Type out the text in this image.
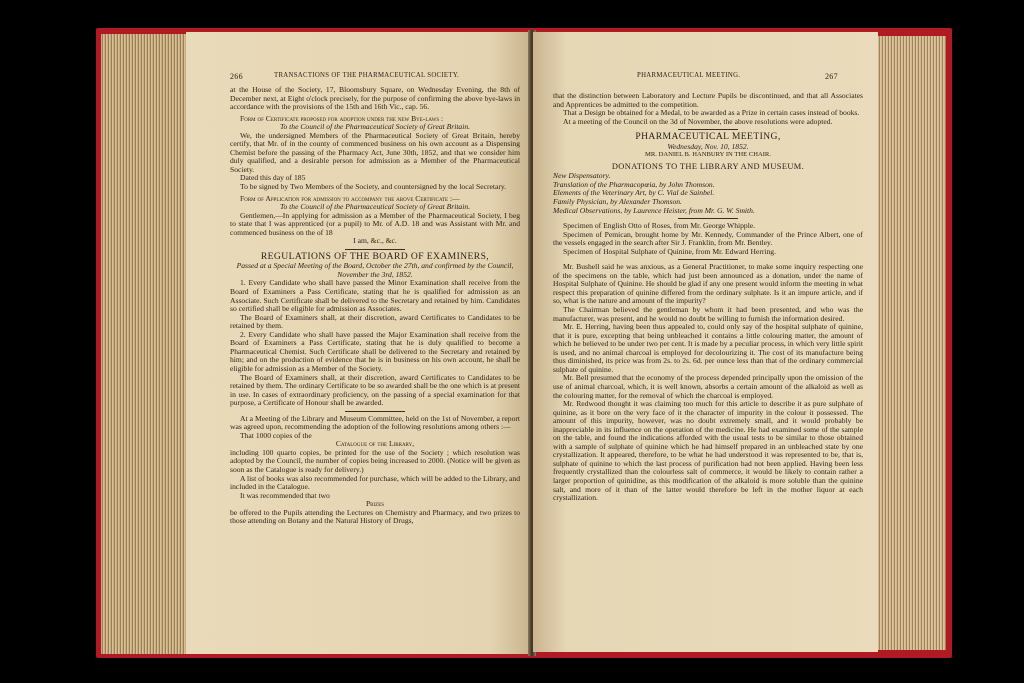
266	TRANSACTIONS OF THE PHARMACEUTICAL SOCIETY.

at the House of the Society, 17, Bloomsbury Square, on Wednesday Evening, the 8th of December next, at Eight o'clock precisely, for the purpose of confirming the above bye-laws in accordance with the provisions of the 15th and 16th Vic., cap. 56.

Form of Certificate proposed for adoption under the new Bye-laws :

To the Council of the Pharmaceutical Society of Great Britain.

We, the undersigned Members of the Pharmaceutical Society of Great Britain, hereby certify, that Mr. of in the county of commenced business on his own account as a Dispensing Chemist before the passing of the Pharmacy Act, June 30th, 1852, and that we consider him duly qualified, and a desirable person for admission as a Member of the Pharmaceutical Society.

Dated this day of 185

To be signed by Two Members of the Society, and countersigned by the local Secretary.

Form of Application for admission to accompany the above Certificate :—

To the Council of the Pharmaceutical Society of Great Britain.

Gentlemen,—In applying for admission as a Member of the Pharmaceutical Society, I beg to state that I was apprenticed (or a pupil) to Mr. of A.D. 18 and was Assistant with Mr. and commenced business on the of 18

I am, &c., &c.

REGULATIONS OF THE BOARD OF EXAMINERS,

Passed at a Special Meeting of the Board, October the 27th, and confirmed by the Council, November the 3rd, 1852.

1. Every Candidate who shall have passed the Minor Examination shall receive from the Board of Examiners a Pass Certificate, stating that he is qualified for admission as an Associate. Such Certificate shall be delivered to the Secretary and retained by him. Candidates so certified shall be eligible for admission as Associates.

The Board of Examiners shall, at their discretion, award Certificates to Candidates to be retained by them.

2. Every Candidate who shall have passed the Major Examination shall receive from the Board of Examiners a Pass Certificate, stating that he is duly qualified to become a Pharmaceutical Chemist. Such Certificate shall be delivered to the Secretary and retained by him; and on the production of evidence that he is in business on his own account, he shall be eligible for admission as a Member of the Society.

The Board of Examiners shall, at their discretion, award Certificates to Candidates to be retained by them. The ordinary Certificate to be so awarded shall be the one which is at present in use. In cases of extraordinary proficiency, on the passing of a special examination for that purpose, a Certificate of Honour shall be awarded.

At a Meeting of the Library and Museum Committee, held on the 1st of November, a report was agreed upon, recommending the adoption of the following resolutions among others :—

That 1000 copies of the

Catalogue of the Library,

including 100 quarto copies, be printed for the use of the Society ; which resolution was adopted by the Council, the number of copies being increased to 2000. (Notice will be given as soon as the Catalogue is ready for delivery.)

A list of books was also recommended for purchase, which will be added to the Library, and included in the Catalogue.

It was recommended that two

Prizes

be offered to the Pupils attending the Lectures on Chemistry and Pharmacy, and two prizes to those attending on Botany and the Natural History of Drugs,

PHARMACEUTICAL MEETING.	267

that the distinction between Laboratory and Lecture Pupils be discontinued, and that all Associates and Apprentices be admitted to the competition.

That a Design be obtained for a Medal, to be awarded as a Prize in certain cases instead of books.

At a meeting of the Council on the 3d of November, the above resolutions were adopted.

PHARMACEUTICAL MEETING,

Wednesday, Nov. 10, 1852.

MR. DANIEL B. HANBURY IN THE CHAIR.

DONATIONS TO THE LIBRARY AND MUSEUM.

New Dispensatory.

Translation of the Pharmacopœia, by John Thomson.

Elements of the Veterinary Art, by C. Vial de Sainbel.

Family Physician, by Alexander Thomson.

Medical Observations, by Laurence Heister, from Mr. G. W. Smith.

Specimen of English Otto of Roses, from Mr. George Whipple.

Specimen of Pemican, brought home by Mr. Kennedy, Commander of the Prince Albert, one of the vessels engaged in the search after Sir J. Franklin, from Mr. Bentley.

Specimen of Hospital Sulphate of Quinine, from Mr. Edward Herring.

Mr. Bushell said he was anxious, as a General Practitioner, to make some inquiry respecting one of the specimens on the table, which had just been announced as a donation, under the name of Hospital Sulphate of Quinine. He should be glad if any one present would inform the meeting in what respect this preparation of quinine differed from the ordinary sulphate. Is it an impure article, and if so, what is the nature and amount of the impurity?

The Chairman believed the gentleman by whom it had been presented, and who was the manufacturer, was present, and he would no doubt be willing to furnish the information desired.

Mr. E. Herring, having been thus appealed to, could only say of the hospital sulphate of quinine, that it is pure, excepting that being unbleached it contains a little colouring matter, the amount of which he believed to be under two per cent. It is made by a peculiar process, in which very little spirit is used, and no animal charcoal is employed for decolourizing it. The cost of its manufacture being thus diminished, its price was from 2s. to 2s. 6d. per ounce less than that of the ordinary commercial sulphate of quinine.

Mr. Bell presumed that the economy of the process depended principally upon the omission of the use of animal charcoal, which, it is well known, absorbs a certain amount of the alkaloid as well as the colouring matter, for the removal of which the charcoal is employed.

Mr. Redwood thought it was claiming too much for this article to describe it as pure sulphate of quinine, as it bore on the very face of it the character of impurity in the colour it possessed. The amount of this impurity, however, was no doubt extremely small, and it would probably be inappreciable in its influence on the operation of the medicine. He had examined some of the sample on the table, and found the indications afforded with the usual tests to be similar to those obtained with a sample of sulphate of quinine which he had himself prepared in an unbleached state by one crystallization. It appeared, therefore, to be what he had understood it was represented to be, that is, sulphate of quinine to which the last process of purification had not been applied. Having been less frequently crystallized than the colourless salt of commerce, it would be likely to contain rather a larger proportion of quinidine, as this modification of the alkaloid is more soluble than the quinine salt, and more of it than of the latter would therefore be left in the mother liquor at each crystallization.
